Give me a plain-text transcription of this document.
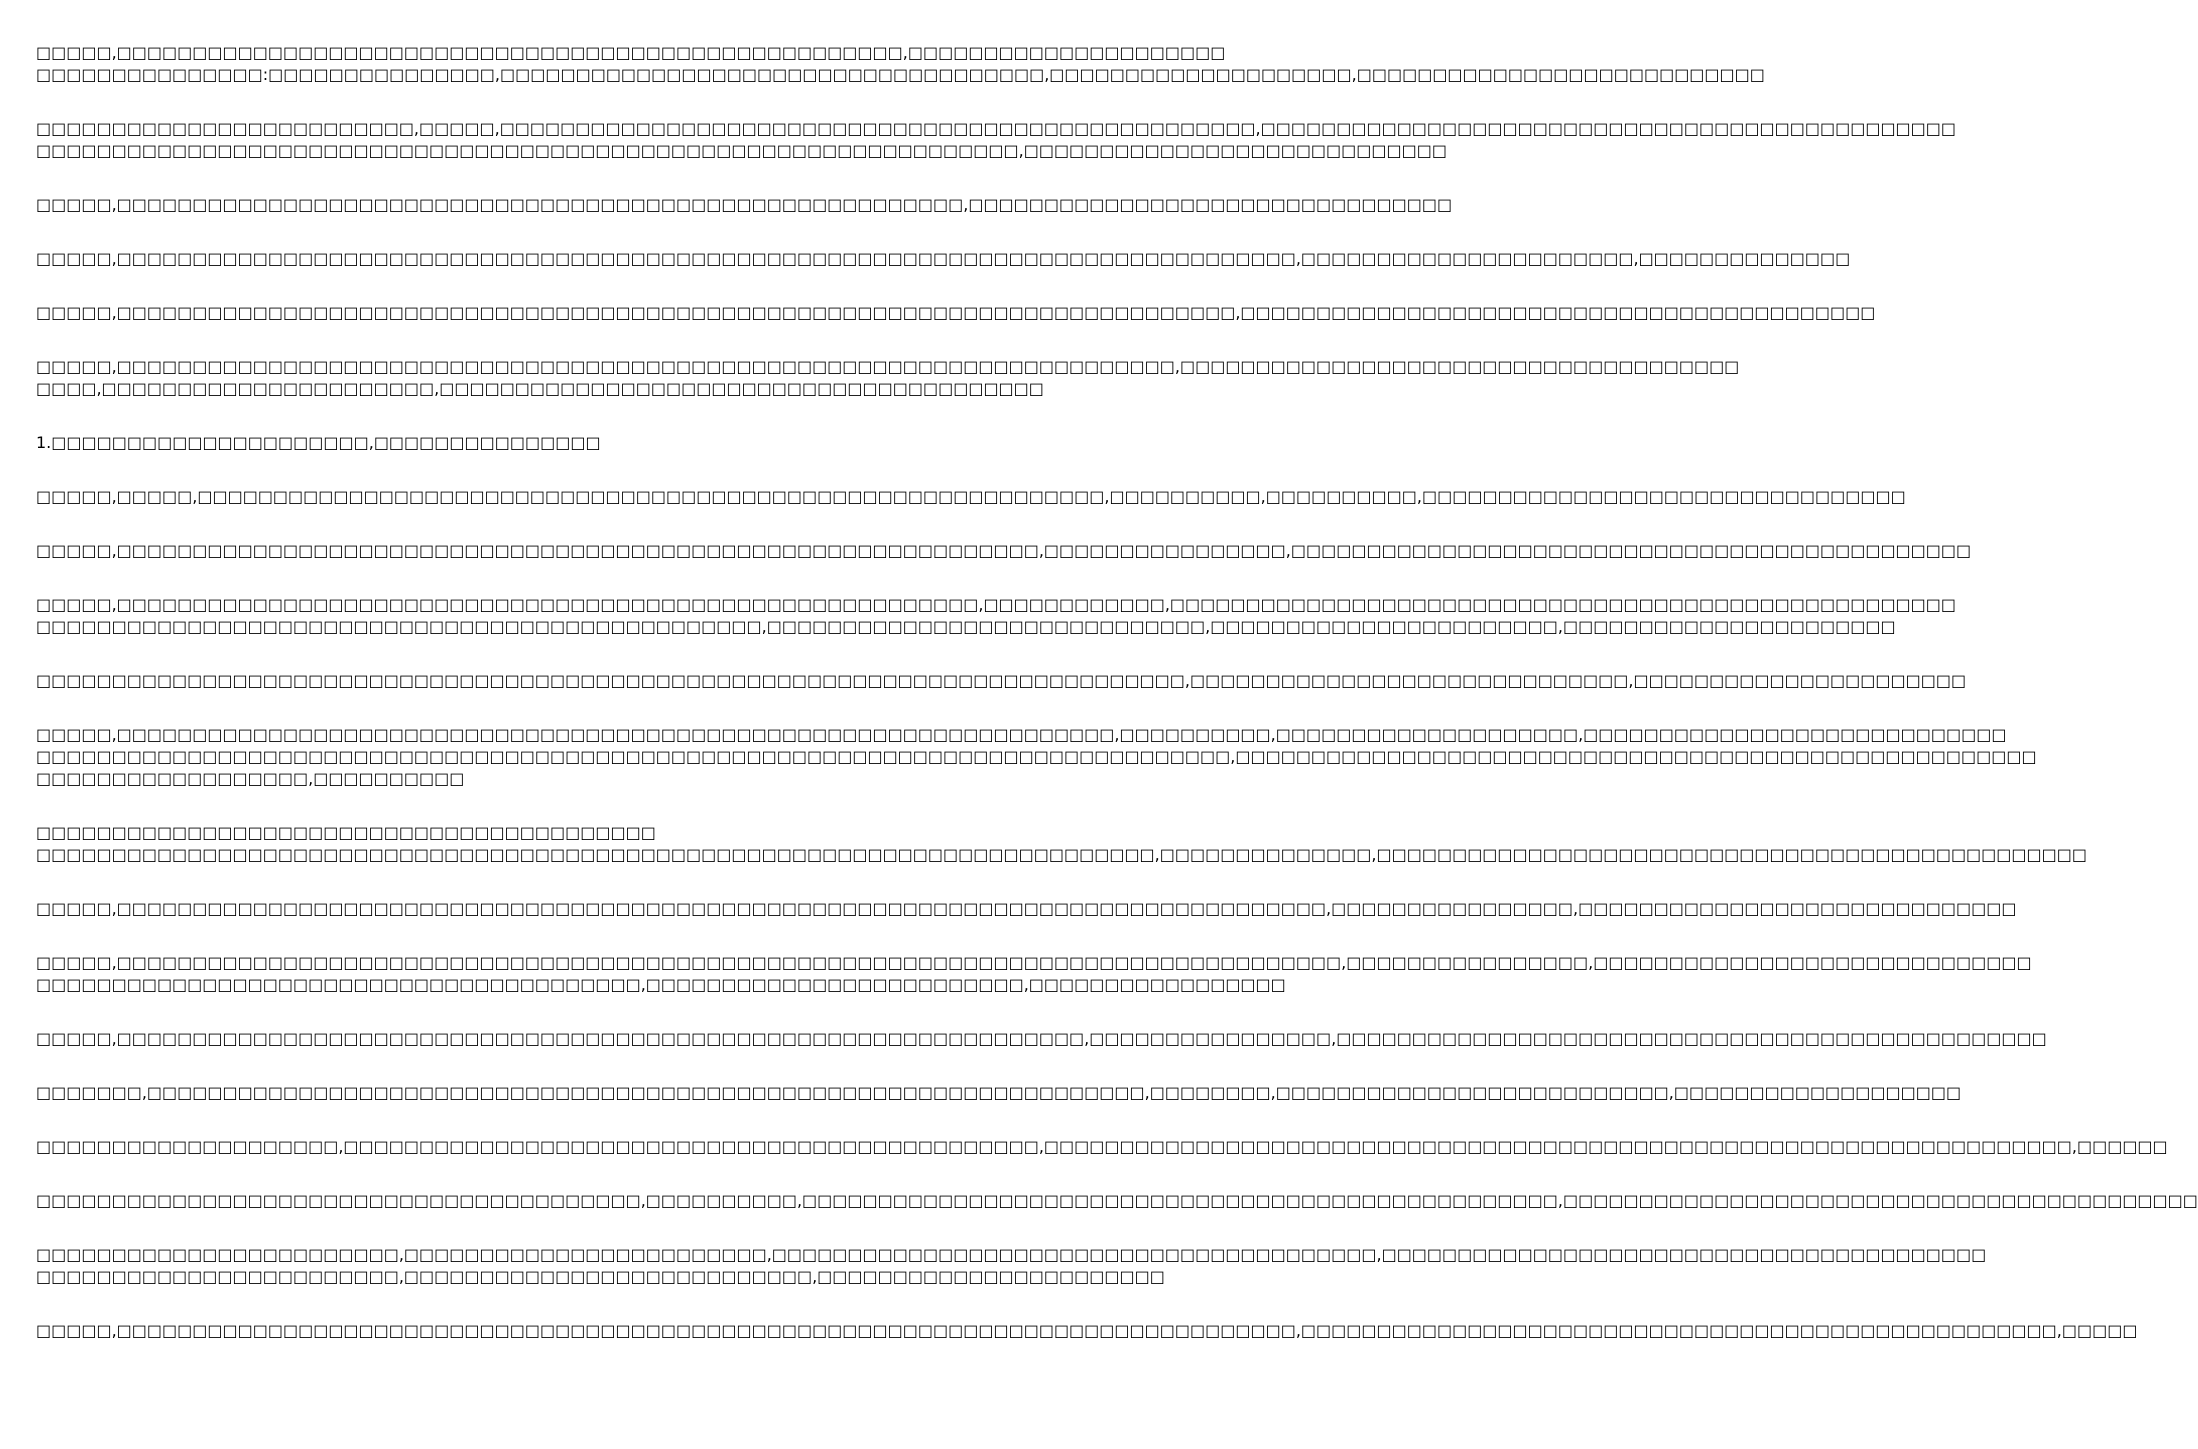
□□□□□,□□□□□□□□□□□□□□□□□□□□□□□□□□□□□□□□□□□□□□□□□□□□□□□□□□□□,□□□□□□□□□□□□□□□□□□□□□
□□□□□□□□□□□□□□□:□□□□□□□□□□□□□□□,□□□□□□□□□□□□□□□□□□□□□□□□□□□□□□□□□□□□,□□□□□□□□□□□□□□□□□□□□,□□□□□□□□□□□□□□□□□□□□□□□□□□□
□□□□□□□□□□□□□□□□□□□□□□□□□,□□□□□,□□□□□□□□□□□□□□□□□□□□□□□□□□□□□□□□□□□□□□□□□□□□□□□□□□,□□□□□□□□□□□□□□□□□□□□□□□□□□□□□□□□□□□□□□□□□□□□□□
□□□□□□□□□□□□□□□□□□□□□□□□□□□□□□□□□□□□□□□□□□□□□□□□□□□□□□□□□□□□□□□□□,□□□□□□□□□□□□□□□□□□□□□□□□□□□□
□□□□□,□□□□□□□□□□□□□□□□□□□□□□□□□□□□□□□□□□□□□□□□□□□□□□□□□□□□□□□□,□□□□□□□□□□□□□□□□□□□□□□□□□□□□□□□□
□□□□□,□□□□□□□□□□□□□□□□□□□□□□□□□□□□□□□□□□□□□□□□□□□□□□□□□□□□□□□□□□□□□□□□□□□□□□□□□□□□□□,□□□□□□□□□□□□□□□□□□□□□□,□□□□□□□□□□□□□□
□□□□□,□□□□□□□□□□□□□□□□□□□□□□□□□□□□□□□□□□□□□□□□□□□□□□□□□□□□□□□□□□□□□□□□□□□□□□□□□□,□□□□□□□□□□□□□□□□□□□□□□□□□□□□□□□□□□□□□□□□□□
□□□□□,□□□□□□□□□□□□□□□□□□□□□□□□□□□□□□□□□□□□□□□□□□□□□□□□□□□□□□□□□□□□□□□□□□□□□□,□□□□□□□□□□□□□□□□□□□□□□□□□□□□□□□□□□□□□
□□□□,□□□□□□□□□□□□□□□□□□□□□□,□□□□□□□□□□□□□□□□□□□□□□□□□□□□□□□□□□□□□□□□
1.□□□□□□□□□□□□□□□□□□□□□,□□□□□□□□□□□□□□□
□□□□□,□□□□□,□□□□□□□□□□□□□□□□□□□□□□□□□□□□□□□□□□□□□□□□□□□□□□□□□□□□□□□□□□□□,□□□□□□□□□□,□□□□□□□□□□,□□□□□□□□□□□□□□□□□□□□□□□□□□□□□□□□
□□□□□,□□□□□□□□□□□□□□□□□□□□□□□□□□□□□□□□□□□□□□□□□□□□□□□□□□□□□□□□□□□□□,□□□□□□□□□□□□□□□□,□□□□□□□□□□□□□□□□□□□□□□□□□□□□□□□□□□□□□□□□□□□□□
□□□□□,□□□□□□□□□□□□□□□□□□□□□□□□□□□□□□□□□□□□□□□□□□□□□□□□□□□□□□□□□,□□□□□□□□□□□□,□□□□□□□□□□□□□□□□□□□□□□□□□□□□□□□□□□□□□□□□□□□□□□□□□□□□
□□□□□□□□□□□□□□□□□□□□□□□□□□□□□□□□□□□□□□□□□□□□□□□□,□□□□□□□□□□□□□□□□□□□□□□□□□□□□□,□□□□□□□□□□□□□□□□□□□□□□□,□□□□□□□□□□□□□□□□□□□□□□
□□□□□□□□□□□□□□□□□□□□□□□□□□□□□□□□□□□□□□□□□□□□□□□□□□□□□□□□□□□□□□□□□□□□□□□□□□□□,□□□□□□□□□□□□□□□□□□□□□□□□□□□□□,□□□□□□□□□□□□□□□□□□□□□□
□□□□□,□□□□□□□□□□□□□□□□□□□□□□□□□□□□□□□□□□□□□□□□□□□□□□□□□□□□□□□□□□□□□□□□□□,□□□□□□□□□□,□□□□□□□□□□□□□□□□□□□□,□□□□□□□□□□□□□□□□□□□□□□□□□□□□
□□□□□□□□□□□□□□□□□□□□□□□□□□□□□□□□□□□□□□□□□□□□□□□□□□□□□□□□□□□□□□□□□□□□□□□□□□□□□□□,□□□□□□□□□□□□□□□□□□□□□□□□□□□□□□□□□□□□□□□□□□□□□□□□□□□□□
□□□□□□□□□□□□□□□□□□,□□□□□□□□□□
□□□□□□□□□□□□□□□□□□□□□□□□□□□□□□□□□□□□□□□□□
□□□□□□□□□□□□□□□□□□□□□□□□□□□□□□□□□□□□□□□□□□□□□□□□□□□□□□□□□□□□□□□□□□□□□□□□□□,□□□□□□□□□□□□□□,□□□□□□□□□□□□□□□□□□□□□□□□□□□□□□□□□□□□□□□□□□□□□□□
□□□□□,□□□□□□□□□□□□□□□□□□□□□□□□□□□□□□□□□□□□□□□□□□□□□□□□□□□□□□□□□□□□□□□□□□□□□□□□□□□□□□□□,□□□□□□□□□□□□□□□□,□□□□□□□□□□□□□□□□□□□□□□□□□□□□□
□□□□□,□□□□□□□□□□□□□□□□□□□□□□□□□□□□□□□□□□□□□□□□□□□□□□□□□□□□□□□□□□□□□□□□□□□□□□□□□□□□□□□□□,□□□□□□□□□□□□□□□□,□□□□□□□□□□□□□□□□□□□□□□□□□□□□□
□□□□□□□□□□□□□□□□□□□□□□□□□□□□□□□□□□□□□□□□,□□□□□□□□□□□□□□□□□□□□□□□□□,□□□□□□□□□□□□□□□□□
□□□□□,□□□□□□□□□□□□□□□□□□□□□□□□□□□□□□□□□□□□□□□□□□□□□□□□□□□□□□□□□□□□□□□□,□□□□□□□□□□□□□□□□,□□□□□□□□□□□□□□□□□□□□□□□□□□□□□□□□□□□□□□□□□□□□□□□
□□□□□□□,□□□□□□□□□□□□□□□□□□□□□□□□□□□□□□□□□□□□□□□□□□□□□□□□□□□□□□□□□□□□□□□□□□,□□□□□□□□,□□□□□□□□□□□□□□□□□□□□□□□□□□,□□□□□□□□□□□□□□□□□□□
□□□□□□□□□□□□□□□□□□□□,□□□□□□□□□□□□□□□□□□□□□□□□□□□□□□□□□□□□□□□□□□□□□□,□□□□□□□□□□□□□□□□□□□□□□□□□□□□□□□□□□□□□□□□□□□□□□□□□□□□□□□□□□□□□□□□□□□□,□□□□□□
□□□□□□□□□□□□□□□□□□□□□□□□□□□□□□□□□□□□□□□□,□□□□□□□□□□,□□□□□□□□□□□□□□□□□□□□□□□□□□□□□□□□□□□□□□□□□□□□□□□□□□,□□□□□□□□□□□□□□□□□□□□□□□□□□□□□□□□□□□□□□□□□□
□□□□□□□□□□□□□□□□□□□□□□□□,□□□□□□□□□□□□□□□□□□□□□□□□,□□□□□□□□□□□□□□□□□□□□□□□□□□□□□□□□□□□□□□□□,□□□□□□□□□□□□□□□□□□□□□□□□□□□□□□□□□□□□□□□□
□□□□□□□□□□□□□□□□□□□□□□□□,□□□□□□□□□□□□□□□□□□□□□□□□□□□,□□□□□□□□□□□□□□□□□□□□□□□
□□□□□,□□□□□□□□□□□□□□□□□□□□□□□□□□□□□□□□□□□□□□□□□□□□□□□□□□□□□□□□□□□□□□□□□□□□□□□□□□□□□□,□□□□□□□□□□□□□□□□□□□□□□□□□□□□□□□□□□□□□□□□□□□□□□□□□□,□□□□□
